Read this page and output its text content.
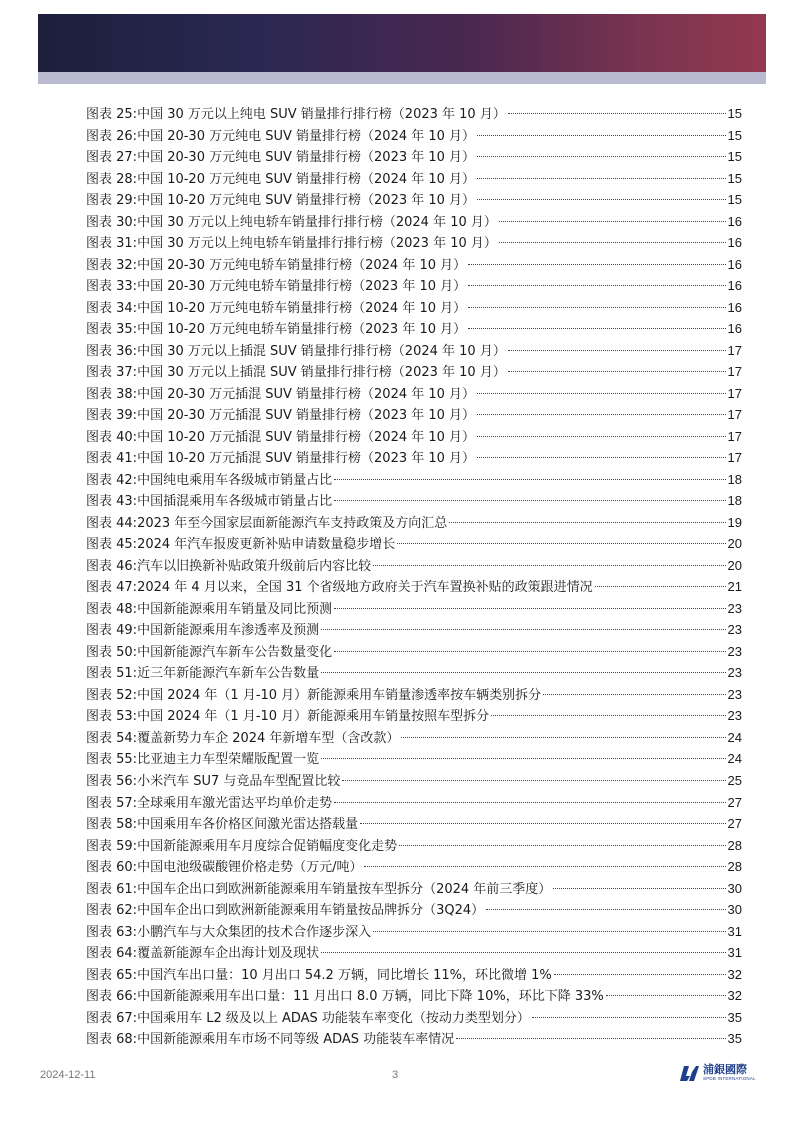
图表 25: 中国 30 万元以上纯电 SUV 销量排行排行榜（2023 年 10 月）	15
图表 26: 中国 20-30 万元纯电 SUV 销量排行榜（2024 年 10 月）	15
图表 27: 中国 20-30 万元纯电 SUV 销量排行榜（2023 年 10 月）	15
图表 28: 中国 10-20 万元纯电 SUV 销量排行榜（2024 年 10 月）	15
图表 29: 中国 10-20 万元纯电 SUV 销量排行榜（2023 年 10 月）	15
图表 30: 中国 30 万元以上纯电轿车销量排行排行榜（2024 年 10 月）	16
图表 31: 中国 30 万元以上纯电轿车销量排行排行榜（2023 年 10 月）	16
图表 32: 中国 20-30 万元纯电轿车销量排行榜（2024 年 10 月）	16
图表 33: 中国 20-30 万元纯电轿车销量排行榜（2023 年 10 月）	16
图表 34: 中国 10-20 万元纯电轿车销量排行榜（2024 年 10 月）	16
图表 35: 中国 10-20 万元纯电轿车销量排行榜（2023 年 10 月）	16
图表 36: 中国 30 万元以上插混 SUV 销量排行排行榜（2024 年 10 月）	17
图表 37: 中国 30 万元以上插混 SUV 销量排行排行榜（2023 年 10 月）	17
图表 38: 中国 20-30 万元插混 SUV 销量排行榜（2024 年 10 月）	17
图表 39: 中国 20-30 万元插混 SUV 销量排行榜（2023 年 10 月）	17
图表 40: 中国 10-20 万元插混 SUV 销量排行榜（2024 年 10 月）	17
图表 41: 中国 10-20 万元插混 SUV 销量排行榜（2023 年 10 月）	17
图表 42: 中国纯电乘用车各级城市销量占比	18
图表 43: 中国插混乘用车各级城市销量占比	18
图表 44: 2023 年至今国家层面新能源汽车支持政策及方向汇总	19
图表 45: 2024 年汽车报废更新补贴申请数量稳步增长	20
图表 46: 汽车以旧换新补贴政策升级前后内容比较	20
图表 47: 2024 年 4 月以来，全国 31 个省级地方政府关于汽车置换补贴的政策跟进情况	21
图表 48: 中国新能源乘用车销量及同比预测	23
图表 49: 中国新能源乘用车渗透率及预测	23
图表 50: 中国新能源汽车新车公告数量变化	23
图表 51: 近三年新能源汽车新车公告数量	23
图表 52: 中国 2024 年（1 月-10 月）新能源乘用车销量渗透率按车辆类别拆分	23
图表 53: 中国 2024 年（1 月-10 月）新能源乘用车销量按照车型拆分	23
图表 54: 覆盖新势力车企 2024 年新增车型（含改款）	24
图表 55: 比亚迪主力车型荣耀版配置一览	24
图表 56: 小米汽车 SU7 与竞品车型配置比较	25
图表 57: 全球乘用车激光雷达平均单价走势	27
图表 58: 中国乘用车各价格区间激光雷达搭载量	27
图表 59: 中国新能源乘用车月度综合促销幅度变化走势	28
图表 60: 中国电池级碳酸锂价格走势（万元/吨）	28
图表 61: 中国车企出口到欧洲新能源乘用车销量按车型拆分（2024 年前三季度）	30
图表 62: 中国车企出口到欧洲新能源乘用车销量按品牌拆分（3Q24）	30
图表 63: 小鹏汽车与大众集团的技术合作逐步深入	31
图表 64: 覆盖新能源车企出海计划及现状	31
图表 65: 中国汽车出口量：10 月出口 54.2 万辆，同比增长 11%，环比微增 1%	32
图表 66: 中国新能源乘用车出口量：11 月出口 8.0 万辆，同比下降 10%，环比下降 33%	32
图表 67: 中国乘用车 L2 级及以上 ADAS 功能装车率变化（按动力类型划分）	35
图表 68: 中国新能源乘用车市场不同等级 ADAS 功能装车率情况	35
2024-12-11	3	浦銀國際
SPDB INTERNATIONAL
